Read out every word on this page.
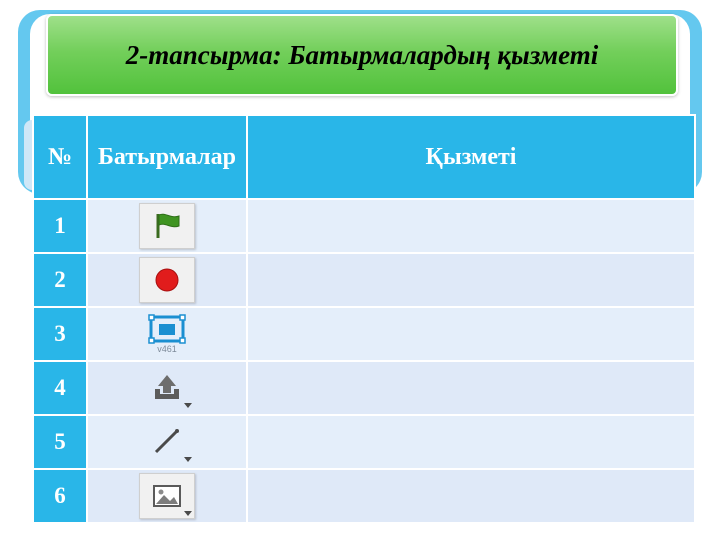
2-тапсырма: Батырмалардың қызметі
№	Батырмалар	Қызметі
1	

2	

3	v461	

4	

5	

6	
